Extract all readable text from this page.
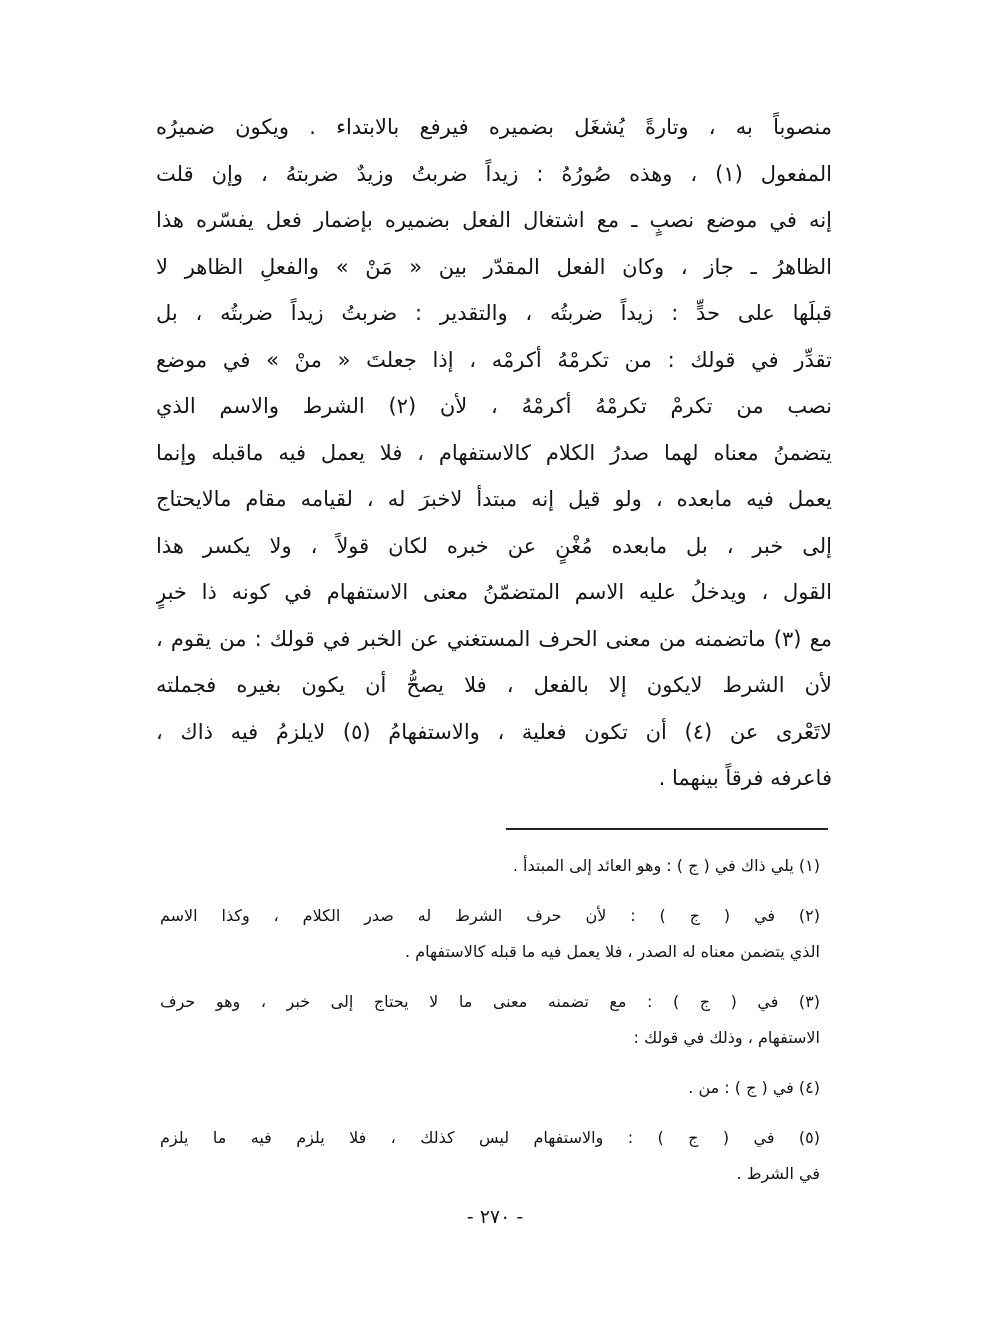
منصوباً به ، وتارةً يُشغَل بضميره فيرفع بالابتداء . ويكون ضميرُه
المفعول (١) ، وهذه صُورُهُ : زيداً ضربتُ وزيدٌ ضربتهُ ، وإن قلت
إنه في موضع نصبٍ ـ مع اشتغال الفعل بضميره بإضمار فعل يفسّره هذا
الظاهرُ ـ جاز ، وكان الفعل المقدّر بين « مَنْ » والفعلِ الظاهر لا
قبلَها على حدٍّ : زيداً ضربتُه ، والتقدير : ضربتُ زيداً ضربتُه ، بل
تقدِّر في قولك : من تكرمْهُ أكرمْه ، إذا جعلتَ « منْ » في موضع
نصب من تكرمْ تكرمْهُ أكرمْهُ ، لأن (٢) الشرط والاسم الذي
يتضمنُ معناه لهما صدرُ الكلام كالاستفهام ، فلا يعمل فيه ماقبله وإنما
يعمل فيه مابعده ، ولو قيل إنه مبتدأ لاخبرَ له ، لقيامه مقام مالايحتاج
إلى خبر ، بل مابعده مُغْنٍ عن خبره لكان قولاً ، ولا يكسر هذا
القول ، ويدخلُ عليه الاسم المتضمّنُ معنى الاستفهام في كونه ذا خبرٍ
مع (٣) ماتضمنه من معنى الحرف المستغني عن الخبر في قولك : من يقوم ،
لأن الشرط لايكون إلا بالفعل ، فلا يصحُّ أن يكون بغيره فجملته
لاتَعْرى عن (٤) أن تكون فعلية ، والاستفهامُ (٥) لايلزمُ فيه ذاك ،
فاعرفه فرقاً بينهما .
(١) يلي ذاك في ( ج ) : وهو العائد إلى المبتدأ .
(٢) في ( ج ) : لأن حرف الشرط له صدر الكلام ، وكذا الاسم
الذي يتضمن معناه له الصدر ، فلا يعمل فيه ما قبله كالاستفهام .
(٣) في ( ج ) : مع تضمنه معنى ما لا يحتاج إلى خبر ، وهو حرف
الاستفهام ، وذلك في قولك :
(٤) في ( ج ) : من .
(٥) في ( ج ) : والاستفهام ليس كذلك ، فلا يلزم فيه ما يلزم
في الشرط .
- ٢٧٠ -
